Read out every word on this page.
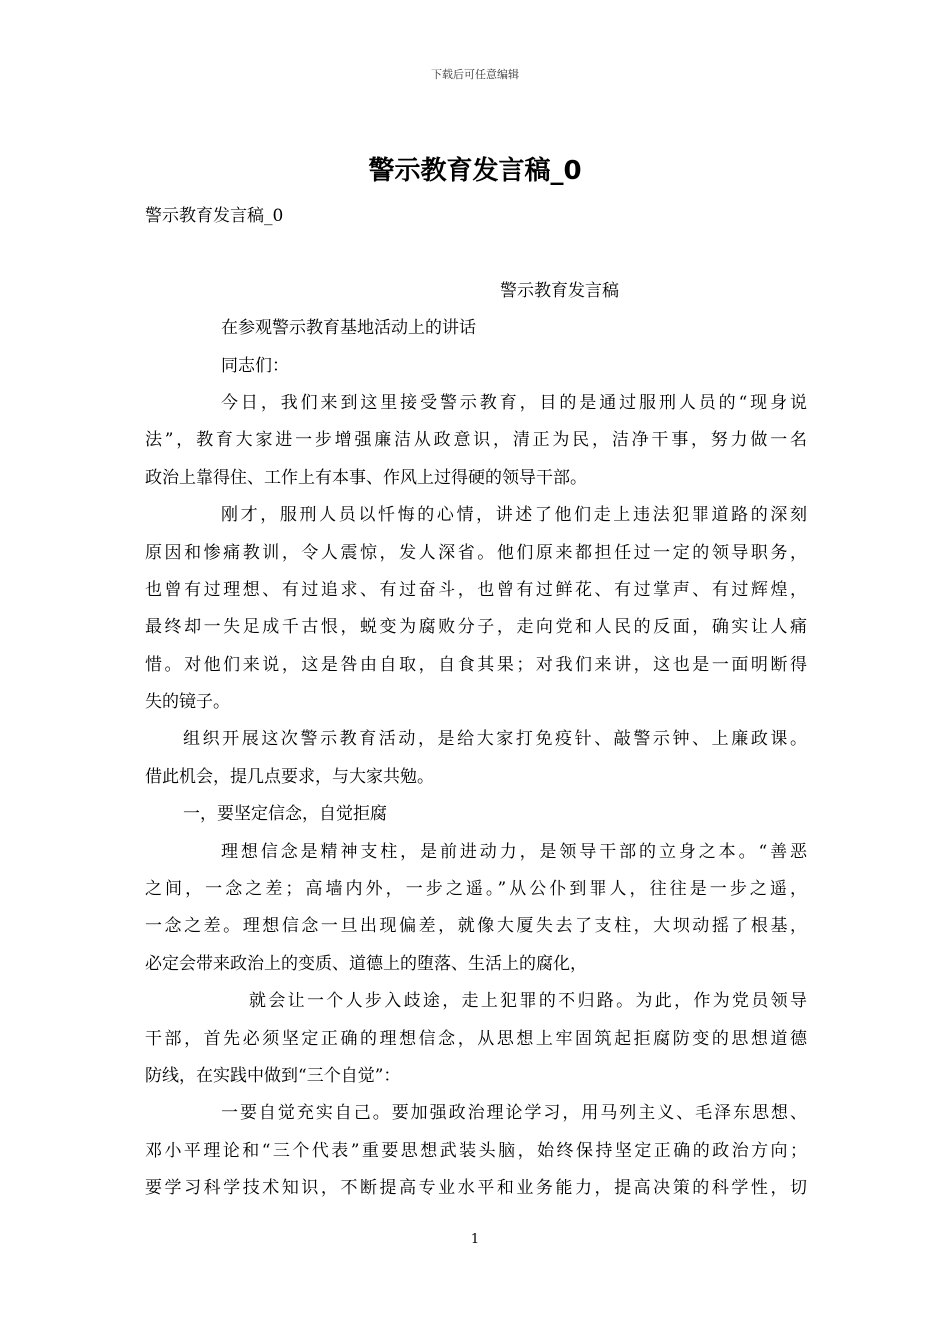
下载后可任意编辑
警示教育发言稿_0
警示教育发言稿_0
警示教育发言稿
在参观警示教育基地活动上的讲话
同志们：
今日，我们来到这里接受警示教育，目的是通过服刑人员的“现身说
法”，教育大家进一步增强廉洁从政意识，清正为民，洁净干事，努力做一名
政治上靠得住、工作上有本事、作风上过得硬的领导干部。
刚才，服刑人员以忏悔的心情，讲述了他们走上违法犯罪道路的深刻
原因和惨痛教训，令人震惊，发人深省。他们原来都担任过一定的领导职务，
也曾有过理想、有过追求、有过奋斗，也曾有过鲜花、有过掌声、有过辉煌，
最终却一失足成千古恨，蜕变为腐败分子，走向党和人民的反面，确实让人痛
惜。对他们来说，这是咎由自取，自食其果；对我们来讲，这也是一面明断得
失的镜子。
组织开展这次警示教育活动，是给大家打免疫针、敲警示钟、上廉政课。
借此机会，提几点要求，与大家共勉。
一，要坚定信念，自觉拒腐
理想信念是精神支柱，是前进动力，是领导干部的立身之本。“善恶
之间，一念之差；高墙内外，一步之遥。”从公仆到罪人，往往是一步之遥，
一念之差。理想信念一旦出现偏差，就像大厦失去了支柱，大坝动摇了根基，
必定会带来政治上的变质、道德上的堕落、生活上的腐化，
就会让一个人步入歧途，走上犯罪的不归路。为此，作为党员领导
干部，首先必须坚定正确的理想信念，从思想上牢固筑起拒腐防变的思想道德
防线，在实践中做到“三个自觉”：
一要自觉充实自己。要加强政治理论学习，用马列主义、毛泽东思想、
邓小平理论和“三个代表”重要思想武装头脑，始终保持坚定正确的政治方向；
要学习科学技术知识，不断提高专业水平和业务能力，提高决策的科学性，切
1
